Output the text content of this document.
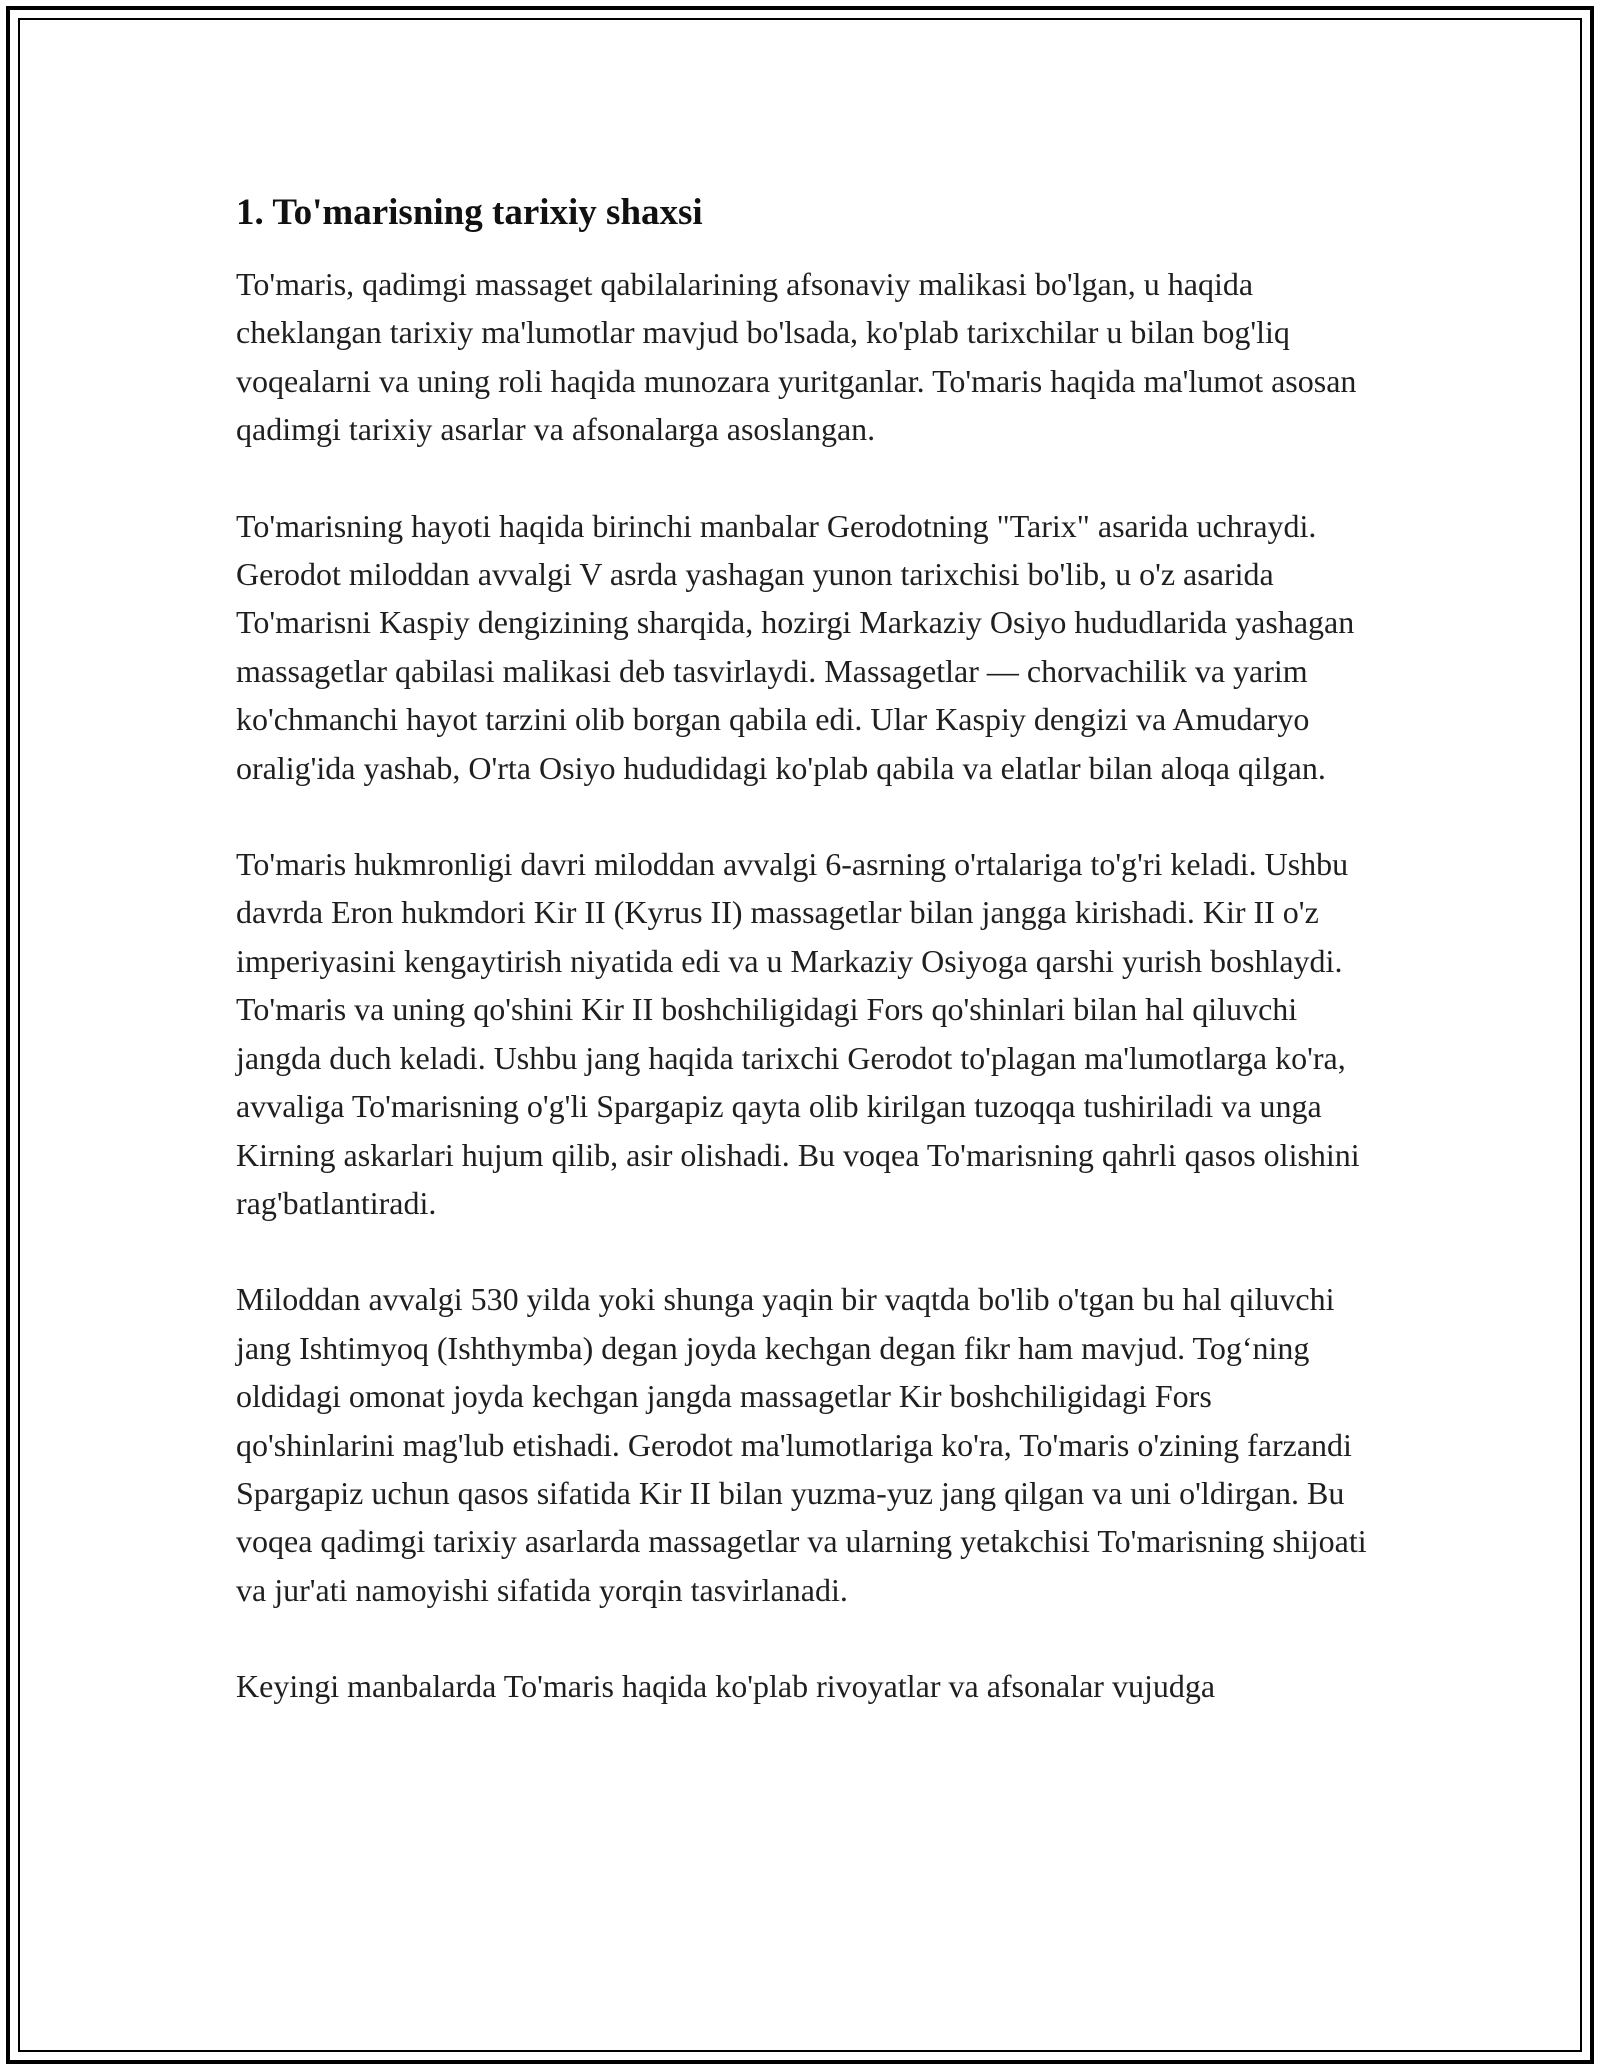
1. To'marisning tarixiy shaxsi

To'maris, qadimgi massaget qabilalarining afsonaviy malikasi bo'lgan, u haqida cheklangan tarixiy ma'lumotlar mavjud bo'lsada, ko'plab tarixchilar u bilan bog'liq voqealarni va uning roli haqida munozara yuritganlar. To'maris haqida ma'lumot asosan qadimgi tarixiy asarlar va afsonalarga asoslangan.

To'marisning hayoti haqida birinchi manbalar Gerodotning "Tarix" asarida uchraydi. Gerodot miloddan avvalgi V asrda yashagan yunon tarixchisi bo'lib, u o'z asarida To'marisni Kaspiy dengizining sharqida, hozirgi Markaziy Osiyo hududlarida yashagan massagetlar qabilasi malikasi deb tasvirlaydi. Massagetlar — chorvachilik va yarim ko'chmanchi hayot tarzini olib borgan qabila edi. Ular Kaspiy dengizi va Amudaryo oralig'ida yashab, O'rta Osiyo hududidagi ko'plab qabila va elatlar bilan aloqa qilgan.

To'maris hukmronligi davri miloddan avvalgi 6-asrning o'rtalariga to'g'ri keladi. Ushbu davrda Eron hukmdori Kir II (Kyrus II) massagetlar bilan jangga kirishadi. Kir II o'z imperiyasini kengaytirish niyatida edi va u Markaziy Osiyoga qarshi yurish boshlaydi. To'maris va uning qo'shini Kir II boshchiligidagi Fors qo'shinlari bilan hal qiluvchi jangda duch keladi. Ushbu jang haqida tarixchi Gerodot to'plagan ma'lumotlarga ko'ra, avvaliga To'marisning o'g'li Spargapiz qayta olib kirilgan tuzoqqa tushiriladi va unga Kirning askarlari hujum qilib, asir olishadi. Bu voqea To'marisning qahrli qasos olishini rag'batlantiradi.

Miloddan avvalgi 530 yilda yoki shunga yaqin bir vaqtda bo'lib o'tgan bu hal qiluvchi jang Ishtimyoq (Ishthymba) degan joyda kechgan degan fikr ham mavjud. Tog‘ning oldidagi omonat joyda kechgan jangda massagetlar Kir boshchiligidagi Fors qo'shinlarini mag'lub etishadi. Gerodot ma'lumotlariga ko'ra, To'maris o'zining farzandi Spargapiz uchun qasos sifatida Kir II bilan yuzma-yuz jang qilgan va uni o'ldirgan. Bu voqea qadimgi tarixiy asarlarda massagetlar va ularning yetakchisi To'marisning shijoati va jur'ati namoyishi sifatida yorqin tasvirlanadi.

Keyingi manbalarda To'maris haqida ko'plab rivoyatlar va afsonalar vujudga
